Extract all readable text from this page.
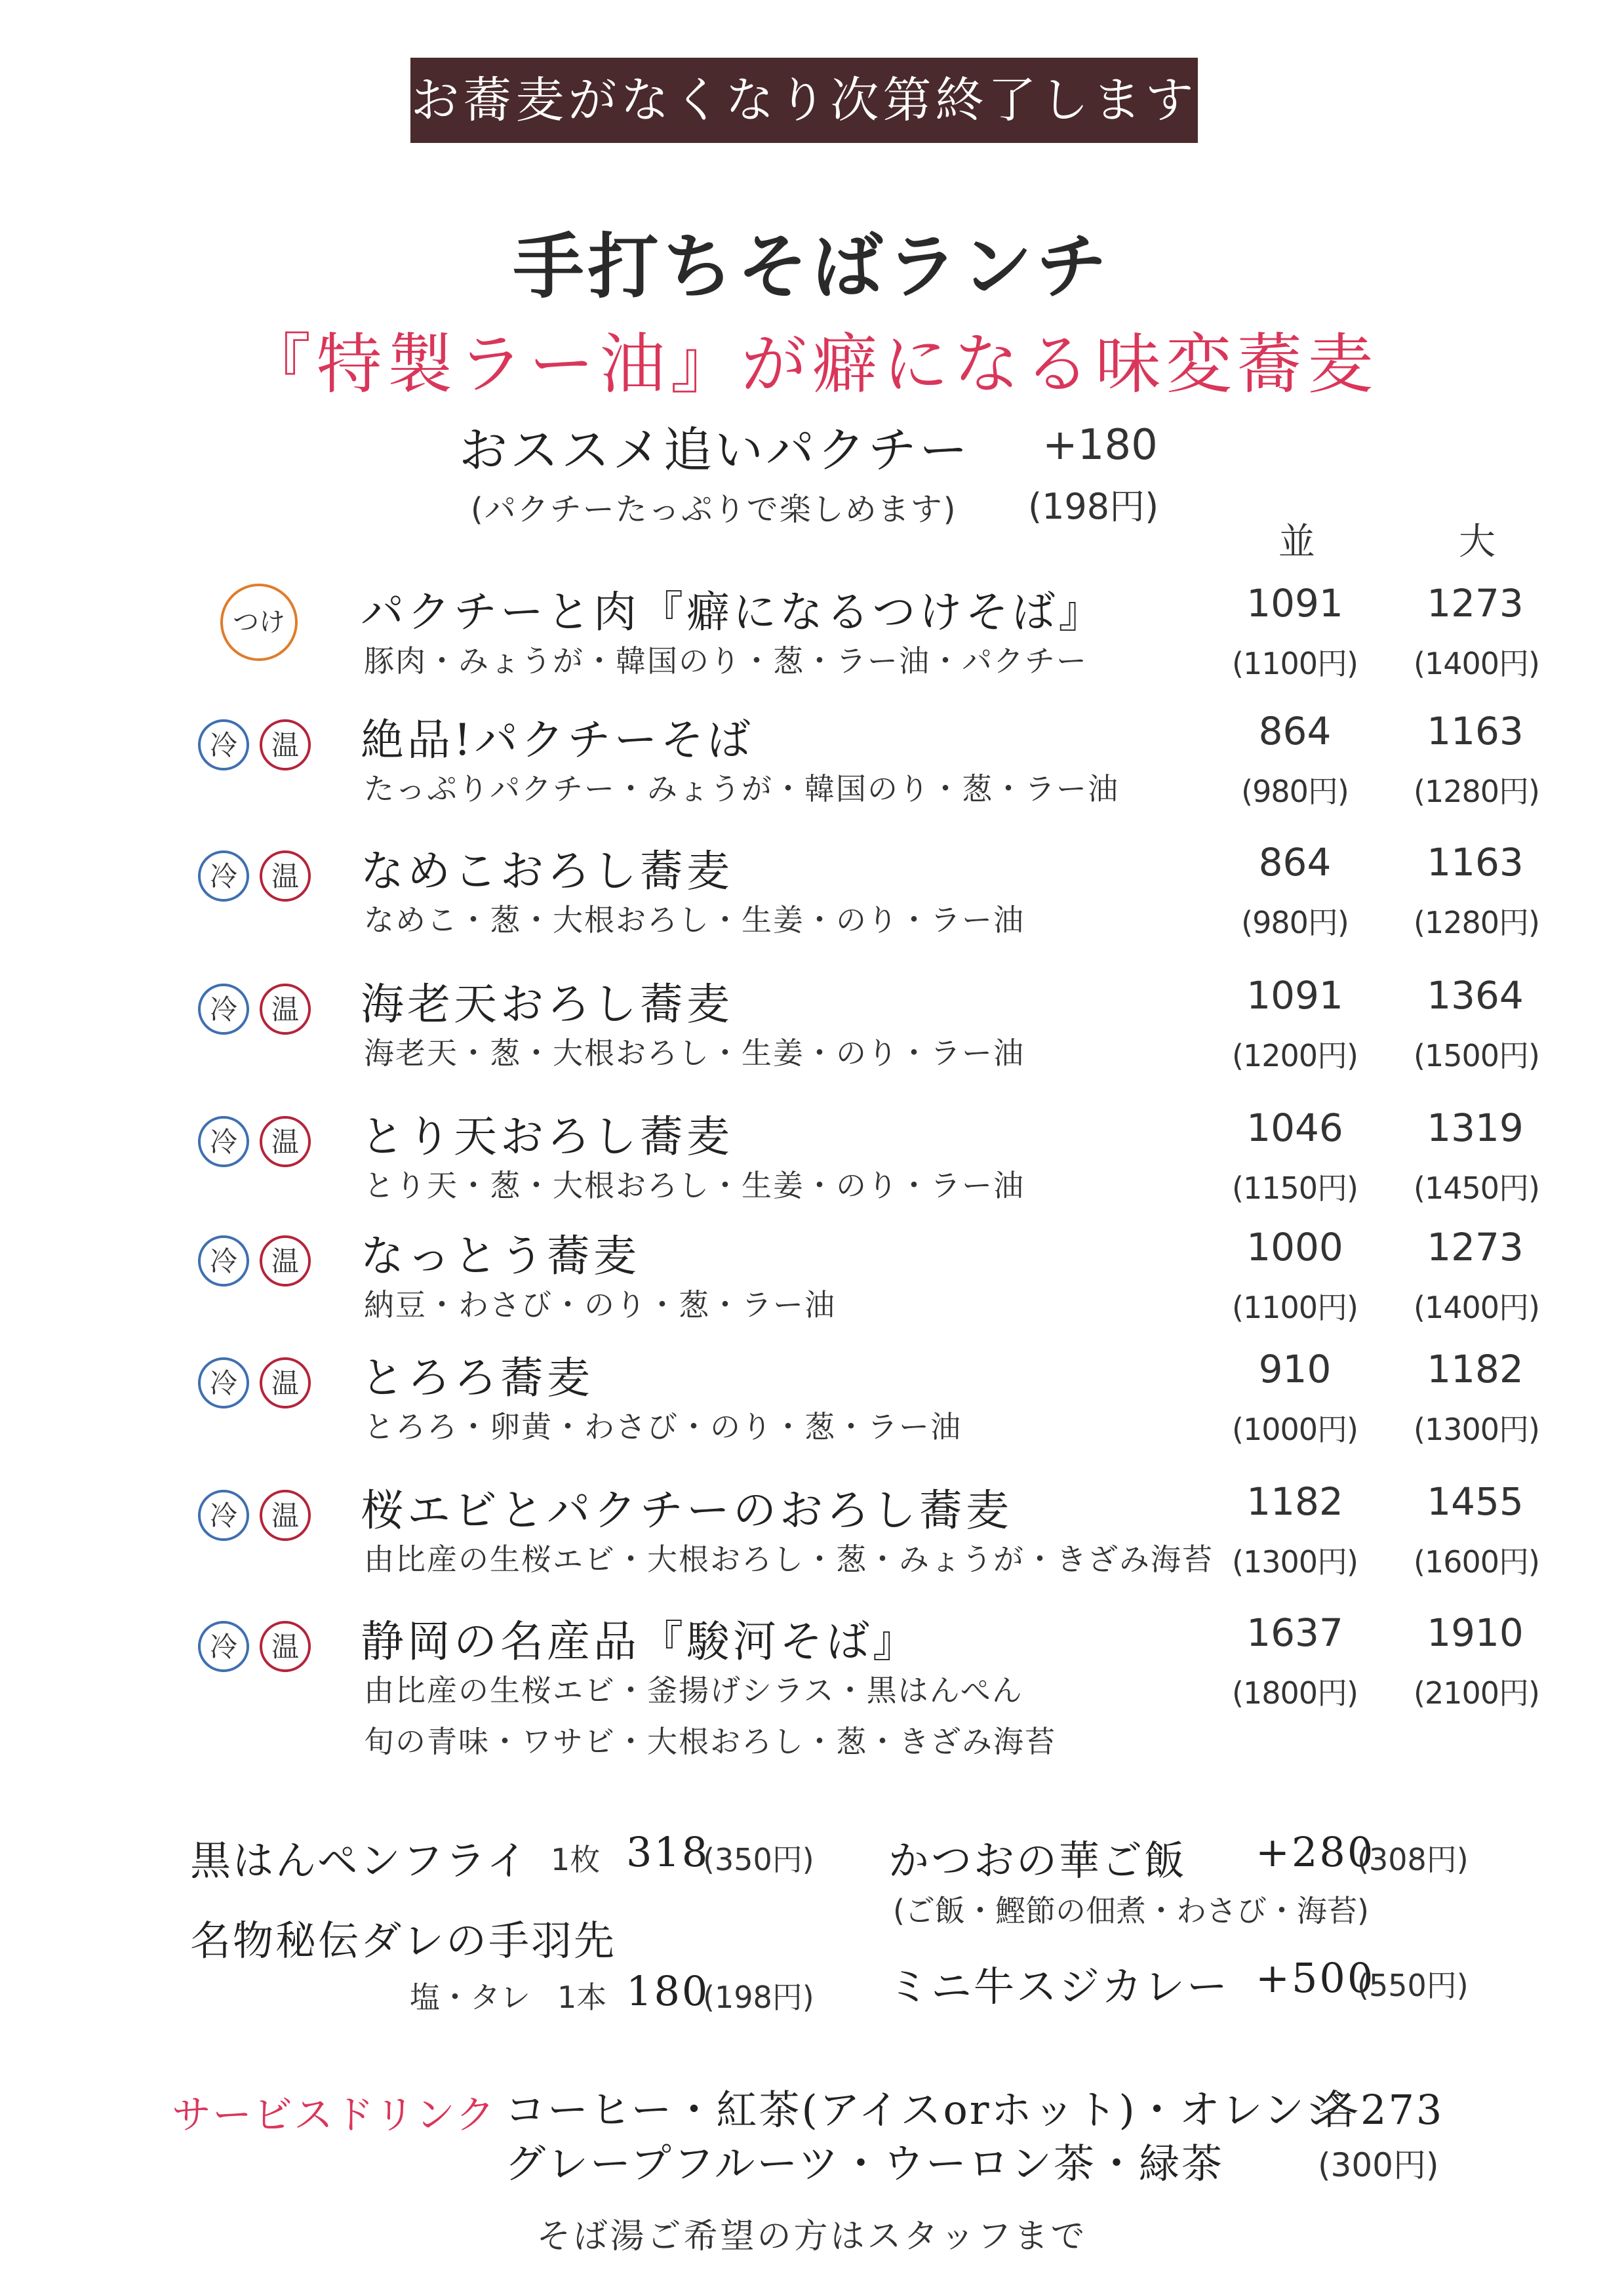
お蕎麦がなくなり次第終了します
手打ちそばランチ
『特製ラー油』が癖になる味変蕎麦
おススメ追いパクチー +180
(パクチーたっぷりで楽しめます) (198円)
並	大
つけ パクチーと肉『癖になるつけそば』
豚肉・みょうが・韓国のり・葱・ラー油・パクチー
1091	1273
(1100円)	(1400円)
冷	温 絶品!パクチーそば
たっぷりパクチー・みょうが・韓国のり・葱・ラー油
864	1163
(980円)	(1280円)
冷	温 なめこおろし蕎麦
なめこ・葱・大根おろし・生姜・のり・ラー油
864	1163
(980円)	(1280円)
冷	温 海老天おろし蕎麦
海老天・葱・大根おろし・生姜・のり・ラー油
1091	1364
(1200円)	(1500円)
冷	温 とり天おろし蕎麦
とり天・葱・大根おろし・生姜・のり・ラー油
1046	1319
(1150円)	(1450円)
冷	温 なっとう蕎麦
納豆・わさび・のり・葱・ラー油
1000	1273
(1100円)	(1400円)
冷	温 とろろ蕎麦
とろろ・卵黄・わさび・のり・葱・ラー油
910	1182
(1000円)	(1300円)
冷	温 桜エビとパクチーのおろし蕎麦
由比産の生桜エビ・大根おろし・葱・みょうが・きざみ海苔
1182	1455
(1300円)	(1600円)
冷	温 静岡の名産品『駿河そば』
由比産の生桜エビ・釜揚げシラス・黒はんぺん
旬の青味・ワサビ・大根おろし・葱・きざみ海苔
1637	1910
(1800円)	(2100円)
黒はんペンフライ 1枚 318
(350円)
名物秘伝ダレの手羽先
塩・タレ 1本 180
(198円)
かつおの華ご飯 +280
(308円)
(ご飯・鰹節の佃煮・わさび・海苔)
ミニ牛スジカレー +500
(550円)
サービスドリンク コーヒー・紅茶(アイスorホット)・オレンジ
グレープフルーツ・ウーロン茶・緑茶
各273
(300円)
そば湯ご希望の方はスタッフまで
